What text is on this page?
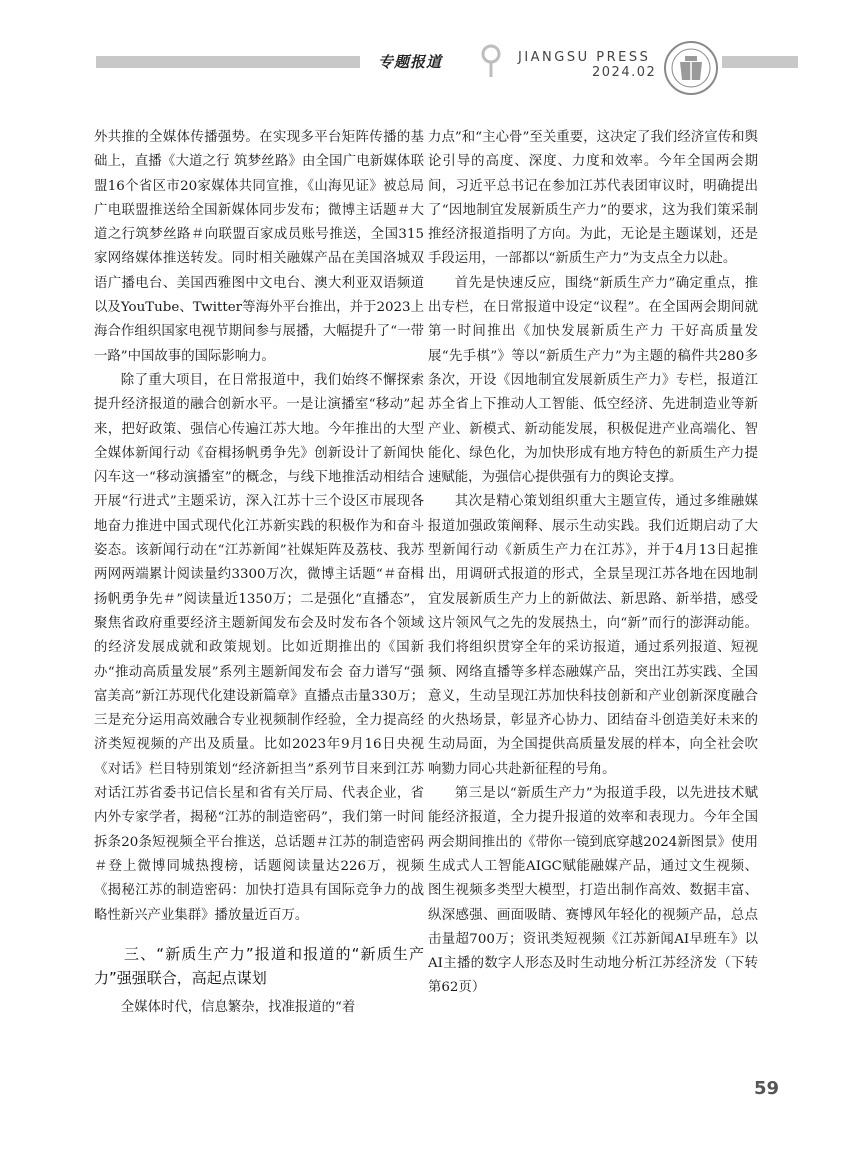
专题报道	JIANGSU PRESS
2024.02

外共推的全媒体传播强势。在实现多平台矩阵传播的基础上，直播《大道之行 筑梦丝路》由全国广电新媒体联盟16个省区市20家媒体共同宣推，《山海见证》被总局广电联盟推送给全国新媒体同步发布；微博主话题＃大道之行筑梦丝路＃向联盟百家成员账号推送，全国315家网络媒体推送转发。同时相关融媒产品在美国洛城双语广播电台、美国西雅图中文电台、澳大利亚双语频道以及YouTube、Twitter等海外平台推出，并于2023上海合作组织国家电视节期间参与展播，大幅提升了“一带一路”中国故事的国际影响力。

除了重大项目，在日常报道中，我们始终不懈探索提升经济报道的融合创新水平。一是让演播室“移动”起来，把好政策、强信心传遍江苏大地。今年推出的大型全媒体新闻行动《奋楫扬帆勇争先》创新设计了新闻快闪车这一“移动演播室”的概念，与线下地推活动相结合开展“行进式”主题采访，深入江苏十三个设区市展现各地奋力推进中国式现代化江苏新实践的积极作为和奋斗姿态。该新闻行动在“江苏新闻”社媒矩阵及荔枝、我苏两网两端累计阅读量约3300万次，微博主话题“＃奋楫扬帆勇争先＃”阅读量近1350万；二是强化“直播态”，聚焦省政府重要经济主题新闻发布会及时发布各个领域的经济发展成就和政策规划。比如近期推出的《国新办“推动高质量发展”系列主题新闻发布会 奋力谱写“强富美高”新江苏现代化建设新篇章》直播点击量330万；三是充分运用高效融合专业视频制作经验，全力提高经济类短视频的产出及质量。比如2023年9月16日央视《对话》栏目特别策划“经济新担当”系列节目来到江苏对话江苏省委书记信长星和省有关厅局、代表企业，省内外专家学者，揭秘“江苏的制造密码”，我们第一时间拆条20条短视频全平台推送，总话题＃江苏的制造密码＃登上微博同城热搜榜，话题阅读量达226万，视频《揭秘江苏的制造密码：加快打造具有国际竞争力的战略性新兴产业集群》播放量近百万。

三、“新质生产力”报道和报道的“新质生产力”强强联合，高起点谋划

全媒体时代，信息繁杂，找准报道的“着

力点”和“主心骨”至关重要，这决定了我们经济宣传和舆论引导的高度、深度、力度和效率。今年全国两会期间，习近平总书记在参加江苏代表团审议时，明确提出了“因地制宜发展新质生产力”的要求，这为我们策采制推经济报道指明了方向。为此，无论是主题谋划，还是手段运用，一部都以“新质生产力”为支点全力以赴。

首先是快速反应，围绕“新质生产力”确定重点，推出专栏，在日常报道中设定“议程”。在全国两会期间就第一时间推出《加快发展新质生产力 干好高质量发展“先手棋”》等以“新质生产力”为主题的稿件共280多条次，开设《因地制宜发展新质生产力》专栏，报道江苏全省上下推动人工智能、低空经济、先进制造业等新产业、新模式、新动能发展，积极促进产业高端化、智能化、绿色化，为加快形成有地方特色的新质生产力提速赋能，为强信心提供强有力的舆论支撑。

其次是精心策划组织重大主题宣传，通过多维融媒报道加强政策阐释、展示生动实践。我们近期启动了大型新闻行动《新质生产力在江苏》，并于4月13日起推出，用调研式报道的形式，全景呈现江苏各地在因地制宜发展新质生产力上的新做法、新思路、新举措，感受这片领风气之先的发展热土，向“新”而行的澎湃动能。我们将组织贯穿全年的采访报道，通过系列报道、短视频、网络直播等多样态融媒产品，突出江苏实践、全国意义，生动呈现江苏加快科技创新和产业创新深度融合的火热场景，彰显齐心协力、团结奋斗创造美好未来的生动局面，为全国提供高质量发展的样本，向全社会吹响勠力同心共赴新征程的号角。

第三是以“新质生产力”为报道手段，以先进技术赋能经济报道，全力提升报道的效率和表现力。今年全国两会期间推出的《带你一镜到底穿越2024新图景》使用生成式人工智能AIGC赋能融媒产品，通过文生视频、图生视频多类型大模型，打造出制作高效、数据丰富、纵深感强、画面吸睛、赛博风年轻化的视频产品，总点击量超700万；资讯类短视频《江苏新闻AI早班车》以AI主播的数字人形态及时生动地分析江苏经济发（下转第62页）

59
